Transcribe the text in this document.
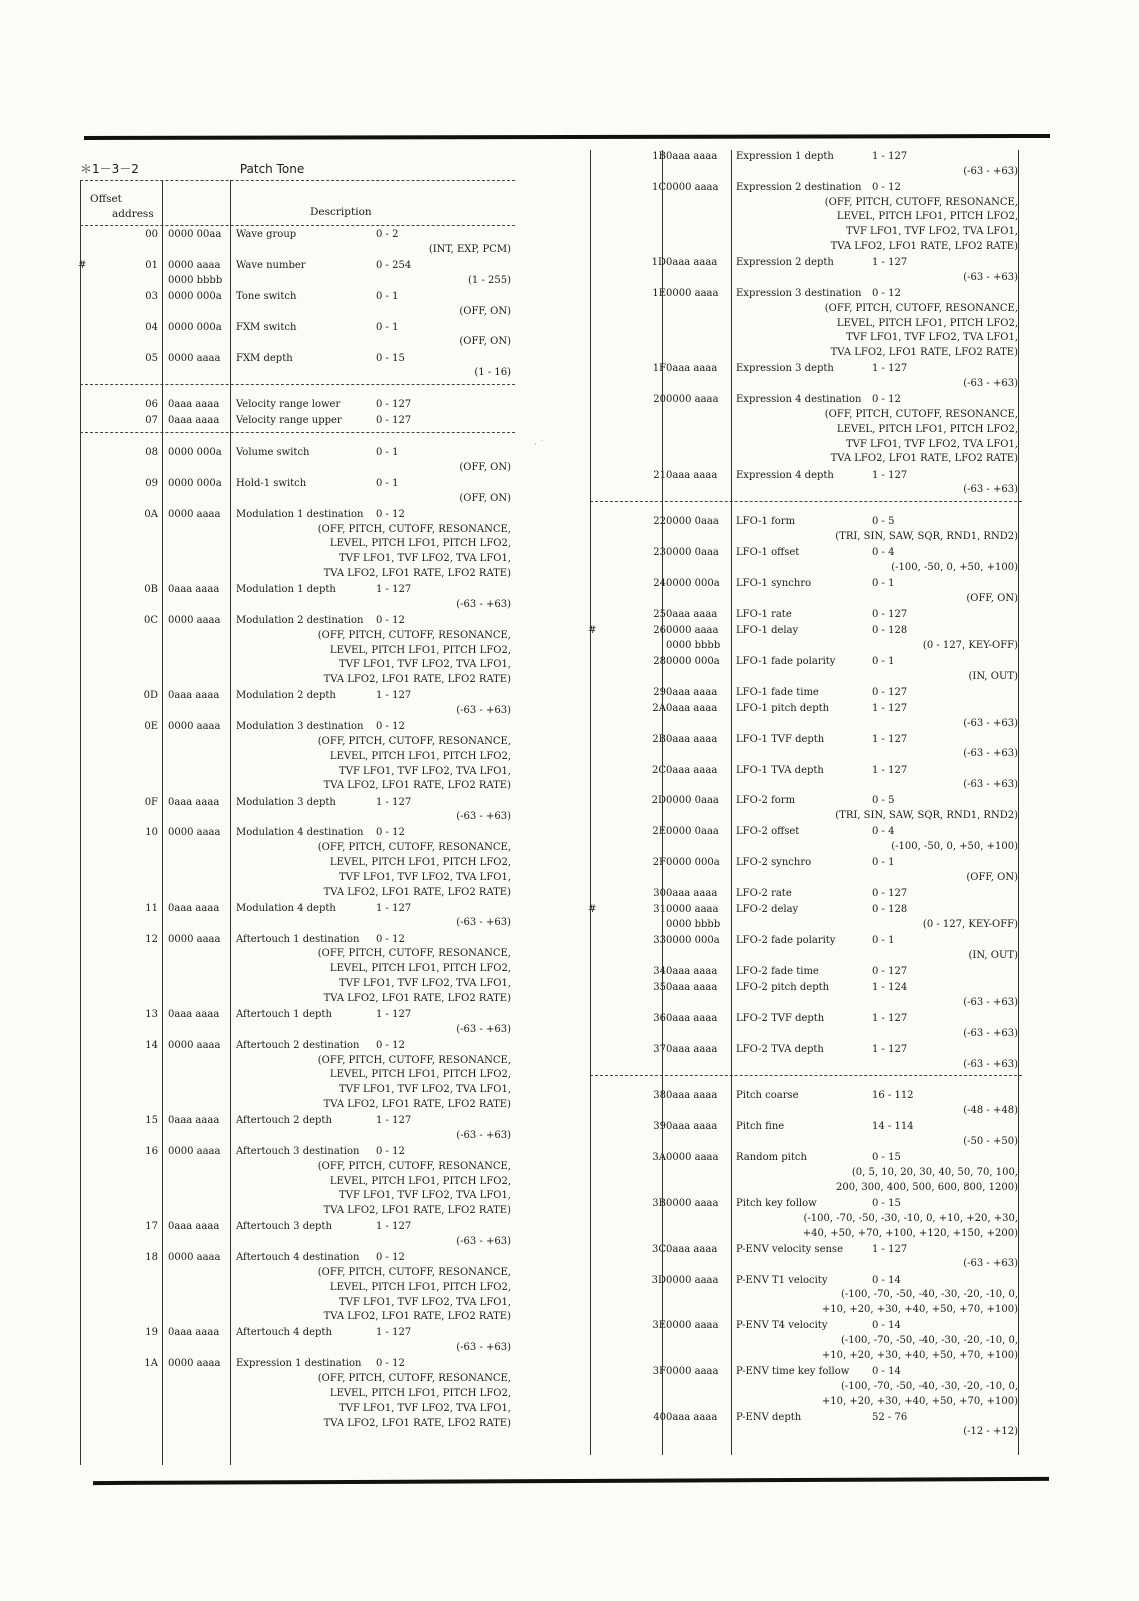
＊1－3－2	Patch Tone
Offset
address	Description
00 0000 00aa Wave group	0 - 2
(INT, EXP, PCM)
#	01 0000 aaaa
0000 bbbb
Wave number	0 - 254
(1 - 255)
03 0000 000a Tone switch	0 - 1
(OFF, ON)
04 0000 000a FXM switch	0 - 1
(OFF, ON)
05 0000 aaaa FXM depth	0 - 15
(1 - 16)
06 0aaa aaaa Velocity range lower	0 - 127
07 0aaa aaaa Velocity range upper	0 - 127
08 0000 000a Volume switch	0 - 1
(OFF, ON)
09 0000 000a Hold-1 switch	0 - 1
(OFF, ON)
0A 0000 aaaa Modulation 1 destination 0 - 12
(OFF, PITCH, CUTOFF, RESONANCE,
LEVEL, PITCH LFO1, PITCH LFO2,
TVF LFO1, TVF LFO2, TVA LFO1,
TVA LFO2, LFO1 RATE, LFO2 RATE)
0B 0aaa aaaa Modulation 1 depth	1 - 127
(-63 - +63)
0C 0000 aaaa Modulation 2 destination 0 - 12
(OFF, PITCH, CUTOFF, RESONANCE,
LEVEL, PITCH LFO1, PITCH LFO2,
TVF LFO1, TVF LFO2, TVA LFO1,
TVA LFO2, LFO1 RATE, LFO2 RATE)
0D 0aaa aaaa Modulation 2 depth	1 - 127
(-63 - +63)
0E 0000 aaaa Modulation 3 destination 0 - 12
(OFF, PITCH, CUTOFF, RESONANCE,
LEVEL, PITCH LFO1, PITCH LFO2,
TVF LFO1, TVF LFO2, TVA LFO1,
TVA LFO2, LFO1 RATE, LFO2 RATE)
0F 0aaa aaaa Modulation 3 depth	1 - 127
(-63 - +63)
10 0000 aaaa Modulation 4 destination 0 - 12
(OFF, PITCH, CUTOFF, RESONANCE,
LEVEL, PITCH LFO1, PITCH LFO2,
TVF LFO1, TVF LFO2, TVA LFO1,
TVA LFO2, LFO1 RATE, LFO2 RATE)
11 0aaa aaaa Modulation 4 depth	1 - 127
(-63 - +63)
12 0000 aaaa Aftertouch 1 destination 0 - 12
(OFF, PITCH, CUTOFF, RESONANCE,
LEVEL, PITCH LFO1, PITCH LFO2,
TVF LFO1, TVF LFO2, TVA LFO1,
TVA LFO2, LFO1 RATE, LFO2 RATE)
13 0aaa aaaa Aftertouch 1 depth	1 - 127
(-63 - +63)
14 0000 aaaa Aftertouch 2 destination 0 - 12
(OFF, PITCH, CUTOFF, RESONANCE,
LEVEL, PITCH LFO1, PITCH LFO2,
TVF LFO1, TVF LFO2, TVA LFO1,
TVA LFO2, LFO1 RATE, LFO2 RATE)
15 0aaa aaaa Aftertouch 2 depth	1 - 127
(-63 - +63)
16 0000 aaaa Aftertouch 3 destination 0 - 12
(OFF, PITCH, CUTOFF, RESONANCE,
LEVEL, PITCH LFO1, PITCH LFO2,
TVF LFO1, TVF LFO2, TVA LFO1,
TVA LFO2, LFO1 RATE, LFO2 RATE)
17 0aaa aaaa Aftertouch 3 depth	1 - 127
(-63 - +63)
18 0000 aaaa Aftertouch 4 destination 0 - 12
(OFF, PITCH, CUTOFF, RESONANCE,
LEVEL, PITCH LFO1, PITCH LFO2,
TVF LFO1, TVF LFO2, TVA LFO1,
TVA LFO2, LFO1 RATE, LFO2 RATE)
19 0aaa aaaa Aftertouch 4 depth	1 - 127
(-63 - +63)
1A 0000 aaaa Expression 1 destination 0 - 12
(OFF, PITCH, CUTOFF, RESONANCE,
LEVEL, PITCH LFO1, PITCH LFO2,
TVF LFO1, TVF LFO2, TVA LFO1,
TVA LFO2, LFO1 RATE, LFO2 RATE)
1B 0aaa aaaa Expression 1 depth	1 - 127
(-63 - +63)
1C 0000 aaaa Expression 2 destination 0 - 12
(OFF, PITCH, CUTOFF, RESONANCE,
LEVEL, PITCH LFO1, PITCH LFO2,
TVF LFO1, TVF LFO2, TVA LFO1,
TVA LFO2, LFO1 RATE, LFO2 RATE)
1D 0aaa aaaa Expression 2 depth	1 - 127
(-63 - +63)
1E 0000 aaaa Expression 3 destination 0 - 12
(OFF, PITCH, CUTOFF, RESONANCE,
LEVEL, PITCH LFO1, PITCH LFO2,
TVF LFO1, TVF LFO2, TVA LFO1,
TVA LFO2, LFO1 RATE, LFO2 RATE)
1F 0aaa aaaa Expression 3 depth	1 - 127
(-63 - +63)
20 0000 aaaa Expression 4 destination 0 - 12
(OFF, PITCH, CUTOFF, RESONANCE,
LEVEL, PITCH LFO1, PITCH LFO2,
TVF LFO1, TVF LFO2, TVA LFO1,
TVA LFO2, LFO1 RATE, LFO2 RATE)
21 0aaa aaaa Expression 4 depth	1 - 127
(-63 - +63)
22 0000 0aaa LFO-1 form	0 - 5
(TRI, SIN, SAW, SQR, RND1, RND2)
23 0000 0aaa LFO-1 offset	0 - 4
(-100, -50, 0, +50, +100)
24 0000 000a LFO-1 synchro	0 - 1
(OFF, ON)
25 0aaa aaaa LFO-1 rate	0 - 127
#	26 0000 aaaa
0000 bbbb
LFO-1 delay	0 - 128
(0 - 127, KEY-OFF)
28 0000 000a LFO-1 fade polarity	0 - 1
(IN, OUT)
29 0aaa aaaa LFO-1 fade time	0 - 127
2A 0aaa aaaa LFO-1 pitch depth	1 - 127
(-63 - +63)
2B 0aaa aaaa LFO-1 TVF depth	1 - 127
(-63 - +63)
2C 0aaa aaaa LFO-1 TVA depth	1 - 127
(-63 - +63)
2D 0000 0aaa LFO-2 form	0 - 5
(TRI, SIN, SAW, SQR, RND1, RND2)
2E 0000 0aaa LFO-2 offset	0 - 4
(-100, -50, 0, +50, +100)
2F 0000 000a LFO-2 synchro	0 - 1
(OFF, ON)
30 0aaa aaaa LFO-2 rate	0 - 127
#	31 0000 aaaa
0000 bbbb
LFO-2 delay	0 - 128
(0 - 127, KEY-OFF)
33 0000 000a LFO-2 fade polarity	0 - 1
(IN, OUT)
34 0aaa aaaa LFO-2 fade time	0 - 127
35 0aaa aaaa LFO-2 pitch depth	1 - 124
(-63 - +63)
36 0aaa aaaa LFO-2 TVF depth	1 - 127
(-63 - +63)
37 0aaa aaaa LFO-2 TVA depth	1 - 127
(-63 - +63)
38 0aaa aaaa Pitch coarse	16 - 112
(-48 - +48)
39 0aaa aaaa Pitch fine	14 - 114
(-50 - +50)
3A 0000 aaaa Random pitch	0 - 15
(0, 5, 10, 20, 30, 40, 50, 70, 100,
200, 300, 400, 500, 600, 800, 1200)
3B 0000 aaaa Pitch key follow	0 - 15
(-100, -70, -50, -30, -10, 0, +10, +20, +30,
+40, +50, +70, +100, +120, +150, +200)
3C 0aaa aaaa P-ENV velocity sense	1 - 127
(-63 - +63)
3D 0000 aaaa P-ENV T1 velocity	0 - 14
(-100, -70, -50, -40, -30, -20, -10, 0,
+10, +20, +30, +40, +50, +70, +100)
3E 0000 aaaa P-ENV T4 velocity	0 - 14
(-100, -70, -50, -40, -30, -20, -10, 0,
+10, +20, +30, +40, +50, +70, +100)
3F 0000 aaaa P-ENV time key follow 0 - 14
(-100, -70, -50, -40, -30, -20, -10, 0,
+10, +20, +30, +40, +50, +70, +100)
40 0aaa aaaa P-ENV depth	52 - 76
(-12 - +12)
· ˙
